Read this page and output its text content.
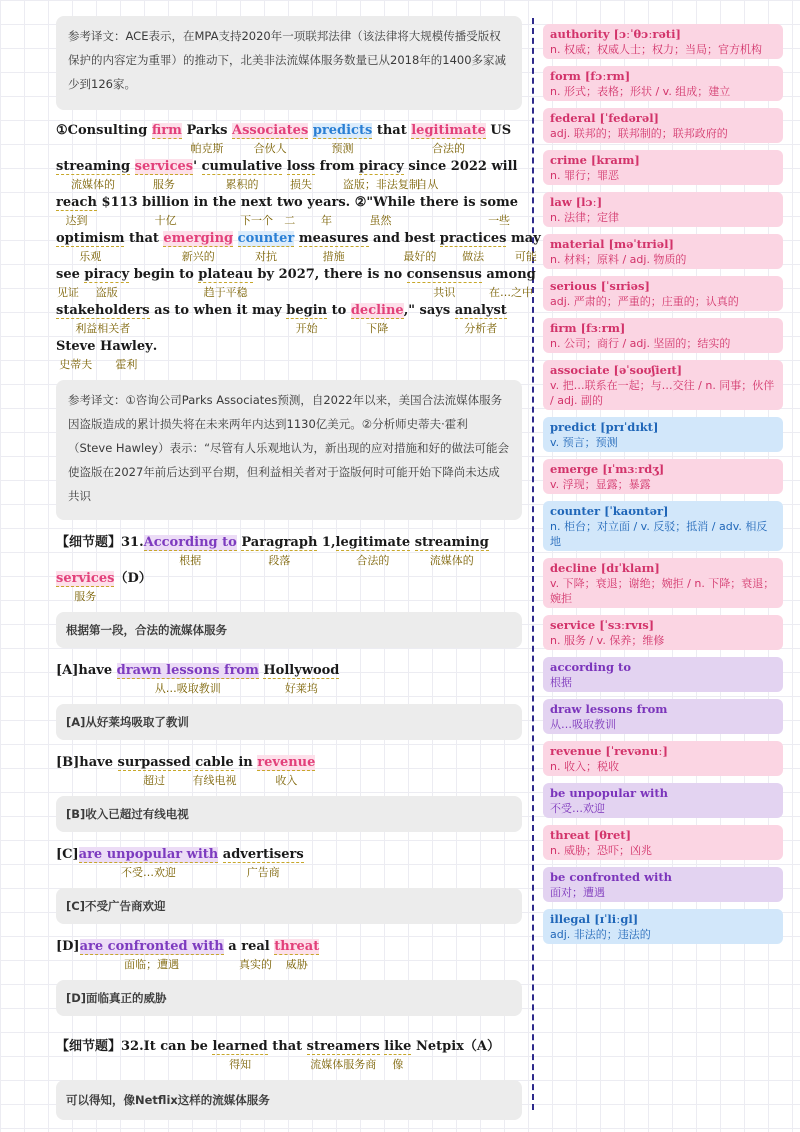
参考译文：ACE表示，在MPA支持2020年一项联邦法律（该法律将大规模传播受版权保护的内容定为重罪）的推动下，北美非法流媒体服务数量已从2018年的1400多家减少到126家。
①Consulting firm Parks
帕克斯
Associates
合伙人
predicts
预测
that legitimate
合法的
US
streaming
流媒体的
services
服务
' cumulative
累积的
loss
损失
from piracy
盗版；非法复制
since
自从
2022 will
reach
达到
$113 billion
十亿
in the next
下一个
two
二
years
年
. ②"While
虽然
there is some
一些
optimism
乐观
that emerging
新兴的
counter
对抗
measures
措施
and best
最好的
practices
做法
may
可能
see
见证
piracy
盗版
begin to plateau
趋于平稳
by 2027, there is no consensus
共识
among
在…之中
stakeholders
利益相关者
as to when it may begin
开始
to decline
下降
," says analyst
分析者
Steve
史蒂夫
Hawley
霍利
.
参考译文：①咨询公司Parks Associates预测，自2022年以来，美国合法流媒体服务因盗版造成的累计损失将在未来两年内达到1130亿美元。②分析师史蒂夫·霍利（Steve Hawley）表示：“尽管有人乐观地认为，新出现的应对措施和好的做法可能会使盗版在2027年前后达到平台期，但利益相关者对于盗版何时可能开始下降尚未达成共识
【细节题】31.According to
根据
Paragraph
段落
1,legitimate
合法的
streaming
流媒体的
services
服务
（D）
根据第一段，合法的流媒体服务
[A]have drawn lessons from
从…吸取教训
Hollywood
好莱坞
[A]从好莱坞吸取了教训
[B]have surpassed
超过
cable
有线电视
in revenue
收入
[B]收入已超过有线电视
[C]are unpopular with
不受…欢迎
advertisers
广告商
[C]不受广告商欢迎
[D]are confronted with
面临；遭遇
a real
真实的
threat
威胁
[D]面临真正的威胁
【细节题】32.It can be learned
得知
that streamers
流媒体服务商
like
像
Netpix（A）
可以得知，像Netflix这样的流媒体服务
authority [ɔːˈθɔːrəti]
n. 权威；权威人士；权力；当局；官方机构
form [fɔːrm]
n. 形式；表格；形状 / v. 组成；建立
federal [ˈfedərəl]
adj. 联邦的；联邦制的；联邦政府的
crime [kraɪm]
n. 罪行；罪恶
law [lɔː]
n. 法律；定律
material [məˈtɪriəl]
n. 材料；原料 / adj. 物质的
serious [ˈsɪriəs]
adj. 严肃的；严重的；庄重的；认真的
firm [fɜːrm]
n. 公司；商行 / adj. 坚固的；结实的
associate [əˈsoʊʃieɪt]
v. 把…联系在一起；与…交往 / n. 同事；伙伴 / adj. 副的
predict [prɪˈdɪkt]
v. 预言；预测
emerge [ɪˈmɜːrdʒ]
v. 浮现；显露；暴露
counter [ˈkaʊntər]
n. 柜台；对立面 / v. 反驳；抵消 / adv. 相反地
decline [dɪˈklaɪn]
v. 下降；衰退；谢绝；婉拒 / n. 下降；衰退；婉拒
service [ˈsɜːrvɪs]
n. 服务 / v. 保养；维修
according to
根据
draw lessons from
从…吸取教训
revenue [ˈrevənuː]
n. 收入；税收
be unpopular with
不受…欢迎
threat [θret]
n. 威胁；恐吓；凶兆
be confronted with
面对；遭遇
illegal [ɪˈliːgl]
adj. 非法的；违法的
